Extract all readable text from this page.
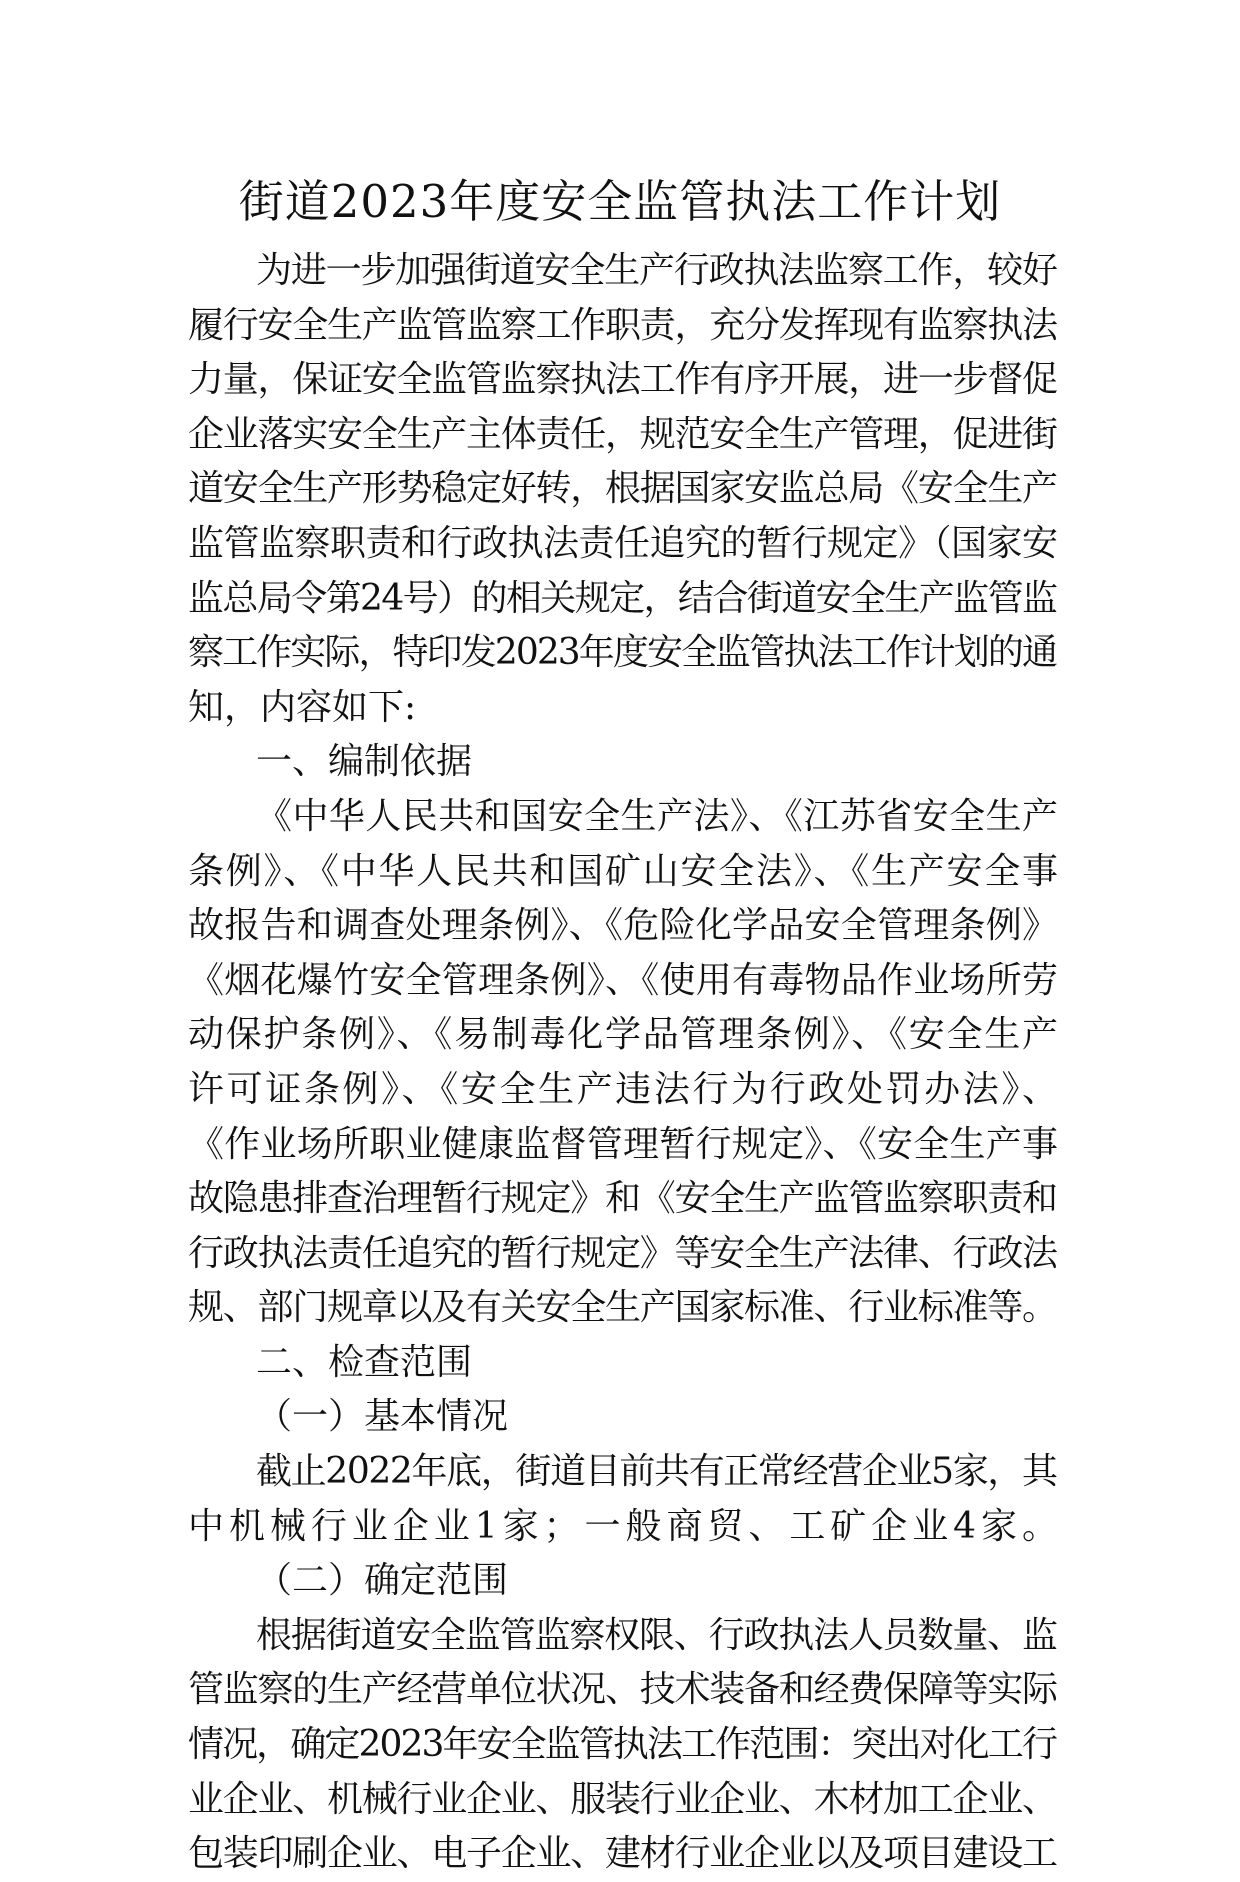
街道2023年度安全监管执法工作计划
为进一步加强街道安全生产行政执法监察工作，较好
履行安全生产监管监察工作职责，充分发挥现有监察执法
力量，保证安全监管监察执法工作有序开展，进一步督促
企业落实安全生产主体责任，规范安全生产管理，促进街
道安全生产形势稳定好转，根据国家安监总局《安全生产
监管监察职责和行政执法责任追究的暂行规定》（国家安
监总局令第24号）的相关规定，结合街道安全生产监管监
察工作实际，特印发2023年度安全监管执法工作计划的通
知，内容如下:
一、编制依据
《中华人民共和国安全生产法》、《江苏省安全生产
条例》、《中华人民共和国矿山安全法》、《生产安全事
故报告和调查处理条例》、《危险化学品安全管理条例》
《烟花爆竹安全管理条例》、《使用有毒物品作业场所劳
动保护条例》、《易制毒化学品管理条例》、《安全生产
许可证条例》、《安全生产违法行为行政处罚办法》、
《作业场所职业健康监督管理暂行规定》、《安全生产事
故隐患排查治理暂行规定》和《安全生产监管监察职责和
行政执法责任追究的暂行规定》等安全生产法律、行政法
规、部门规章以及有关安全生产国家标准、行业标准等。
二、检查范围
（一）基本情况
截止2022年底，街道目前共有正常经营企业5家，其
中机械行业企业1家；一般商贸、工矿企业4家。
（二）确定范围
根据街道安全监管监察权限、行政执法人员数量、监
管监察的生产经营单位状况、技术装备和经费保障等实际
情况，确定2023年安全监管执法工作范围：突出对化工行
业企业、机械行业企业、服装行业企业、木材加工企业、
包装印刷企业、电子企业、建材行业企业以及项目建设工
